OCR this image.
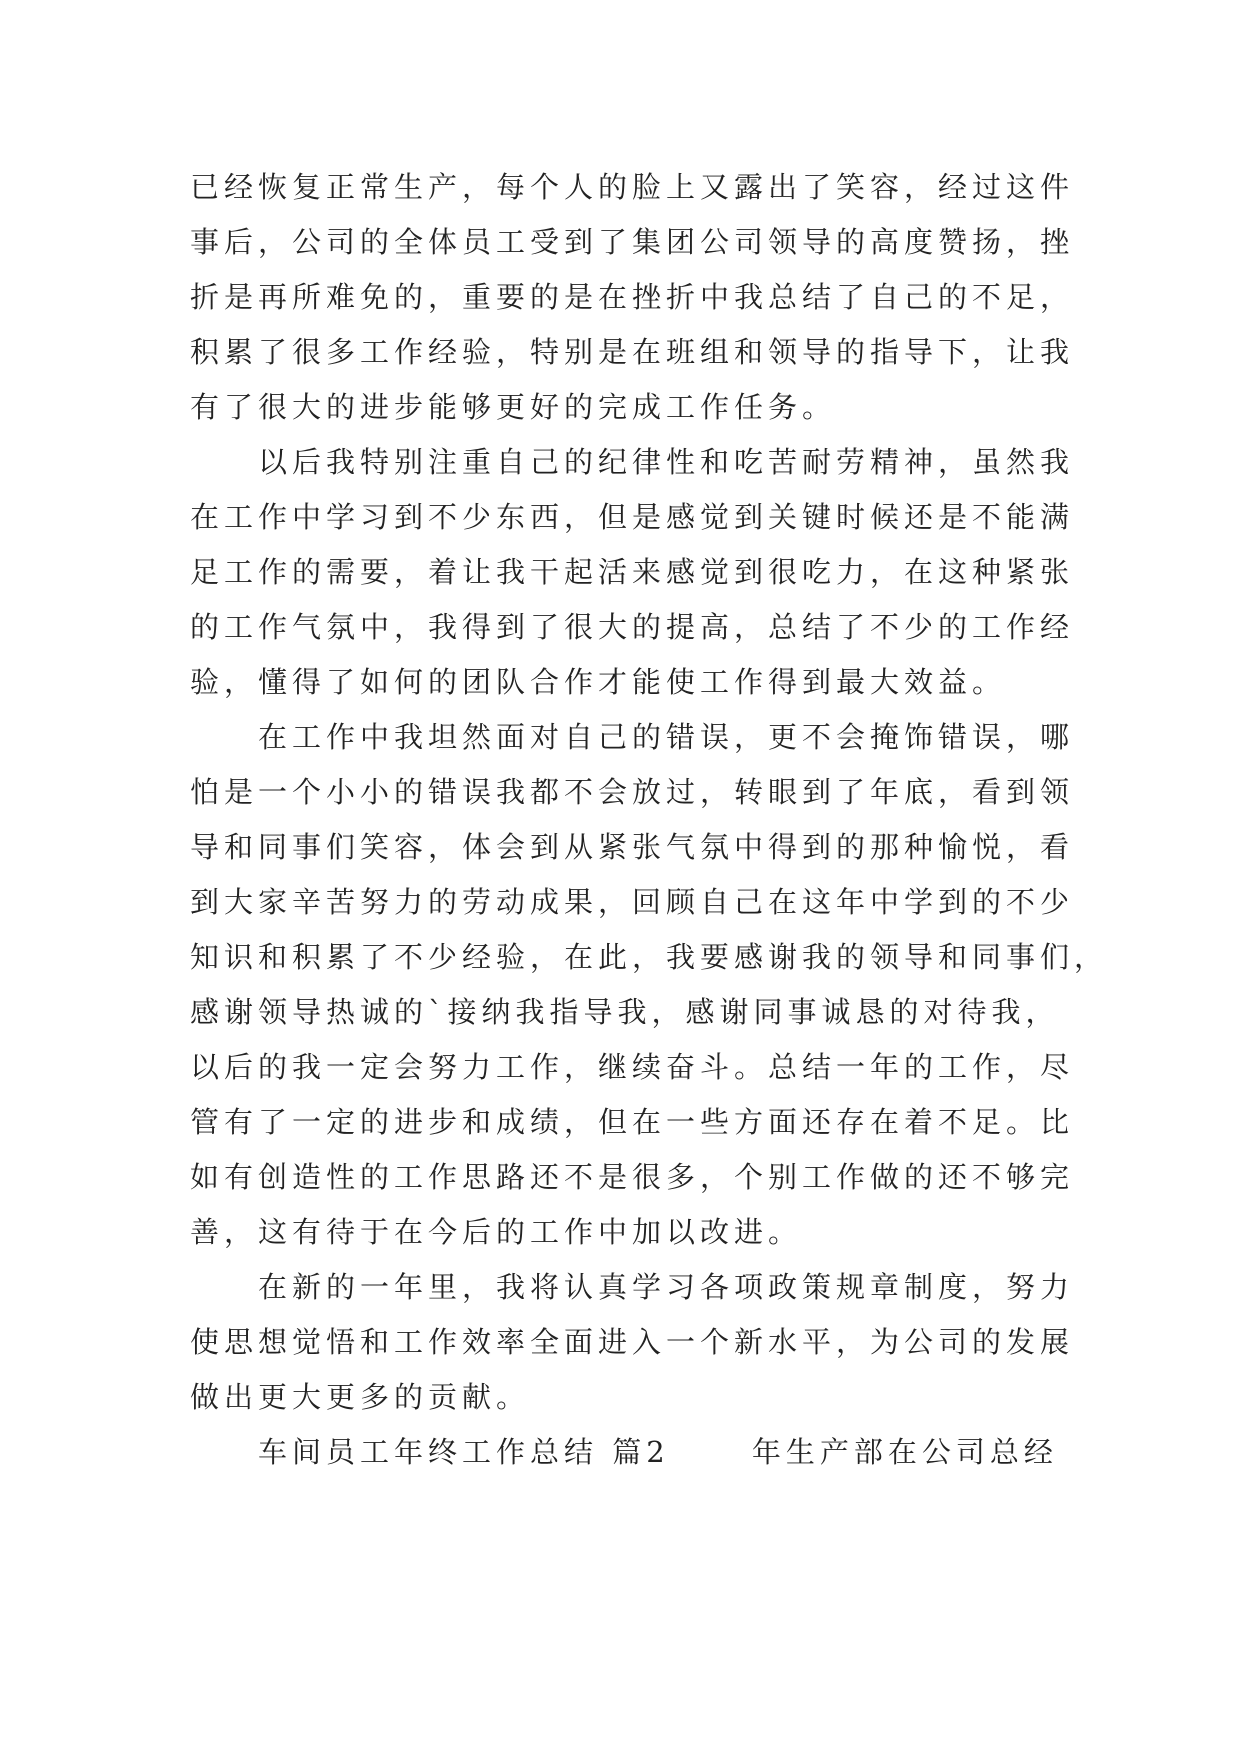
已经恢复正常生产，每个人的脸上又露出了笑容，经过这件
事后，公司的全体员工受到了集团公司领导的高度赞扬，挫
折是再所难免的，重要的是在挫折中我总结了自己的不足，
积累了很多工作经验，特别是在班组和领导的指导下，让我
有了很大的进步能够更好的完成工作任务。
　　以后我特别注重自己的纪律性和吃苦耐劳精神，虽然我
在工作中学习到不少东西，但是感觉到关键时候还是不能满
足工作的需要，着让我干起活来感觉到很吃力，在这种紧张
的工作气氛中，我得到了很大的提高，总结了不少的工作经
验，懂得了如何的团队合作才能使工作得到最大效益。
　　在工作中我坦然面对自己的错误，更不会掩饰错误，哪
怕是一个小小的错误我都不会放过，转眼到了年底，看到领
导和同事们笑容，体会到从紧张气氛中得到的那种愉悦，看
到大家辛苦努力的劳动成果，回顾自己在这年中学到的不少
知识和积累了不少经验，在此，我要感谢我的领导和同事们，
感谢领导热诚的`接纳我指导我，感谢同事诚恳的对待我，
以后的我一定会努力工作，继续奋斗。总结一年的工作，尽
管有了一定的进步和成绩，但在一些方面还存在着不足。比
如有创造性的工作思路还不是很多，个别工作做的还不够完
善，这有待于在今后的工作中加以改进。
　　在新的一年里，我将认真学习各项政策规章制度，努力
使思想觉悟和工作效率全面进入一个新水平，为公司的发展
做出更大更多的贡献。
　　车间员工年终工作总结 篇2 　　年生产部在公司总经
